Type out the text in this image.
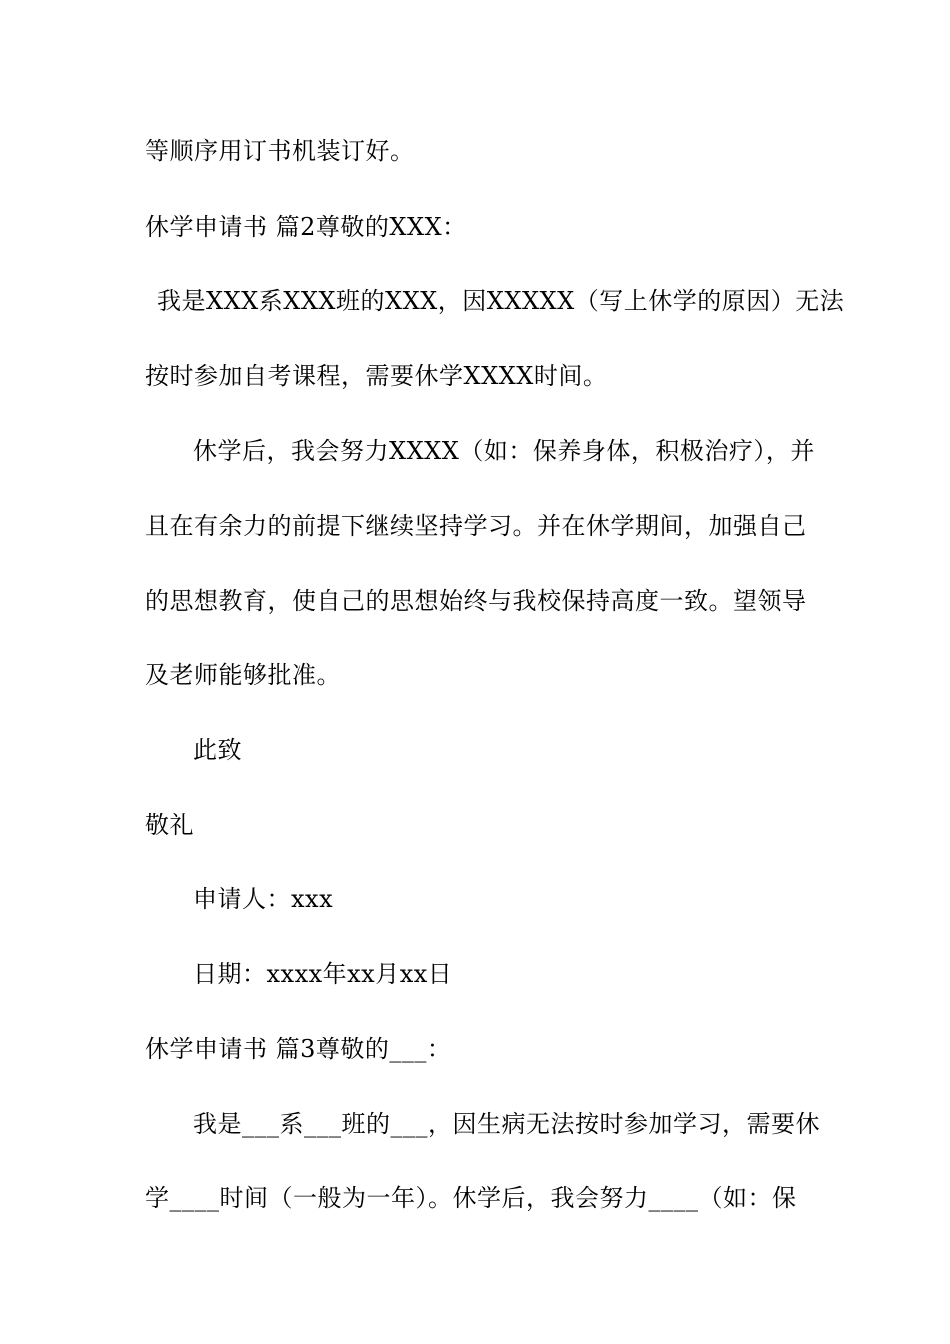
等顺序用订书机装订好。
休学申请书 篇2尊敬的XXX：
我是XXX系XXX班的XXX，因XXXXX（写上休学的原因）无法
按时参加自考课程，需要休学XXXX时间。
休学后，我会努力XXXX（如：保养身体，积极治疗），并
且在有余力的前提下继续坚持学习。并在休学期间，加强自己
的思想教育，使自己的思想始终与我校保持高度一致。望领导
及老师能够批准。
此致
敬礼
申请人：xxx
日期：xxxx年xx月xx日
休学申请书 篇3尊敬的___：
我是___系___班的___，因生病无法按时参加学习，需要休
学____时间（一般为一年）。休学后，我会努力____（如：保
